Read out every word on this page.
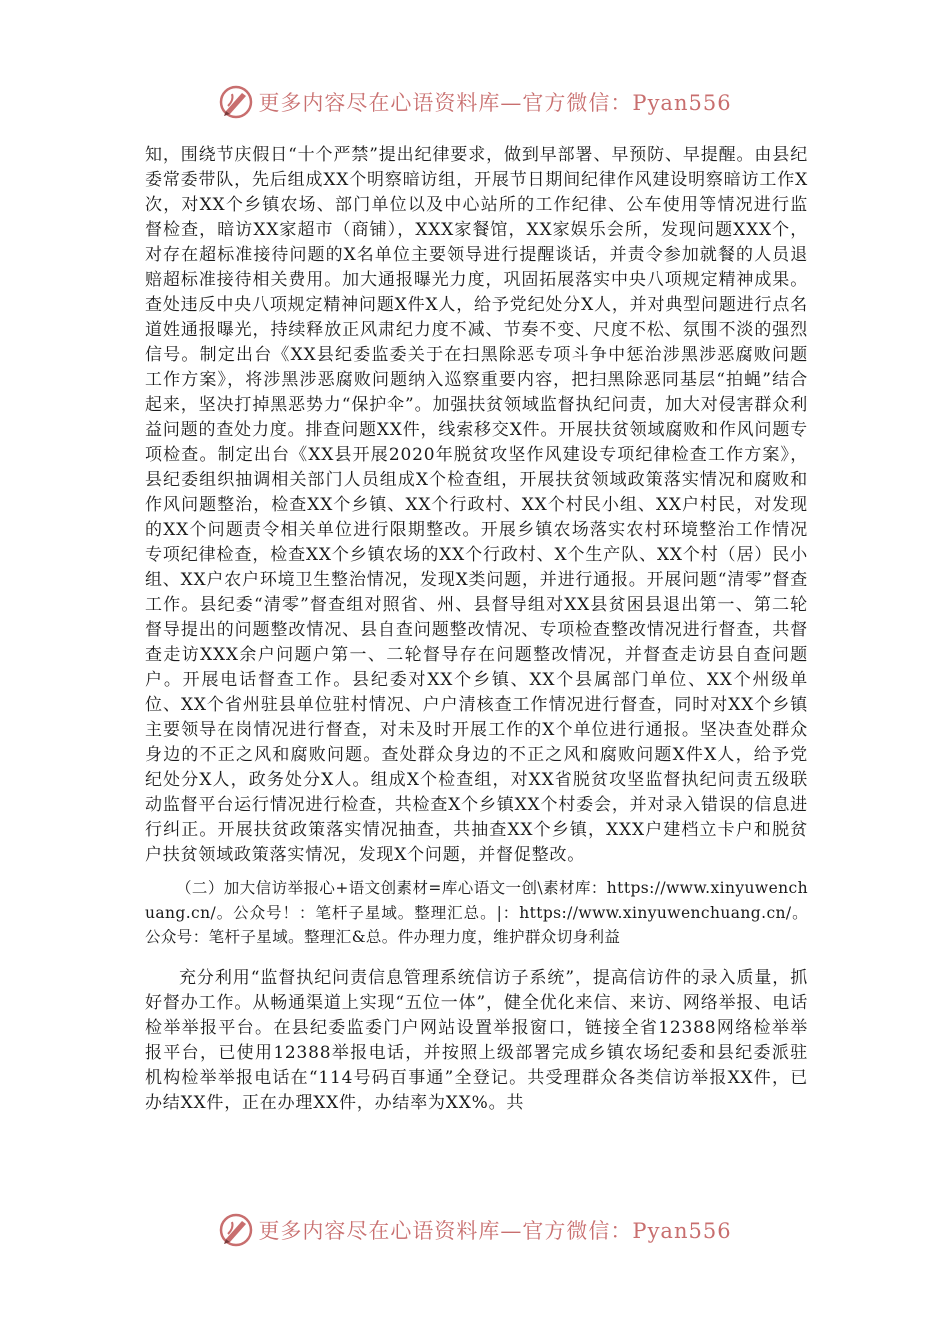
更多内容尽在心语资料库—官方微信：Pyan556

知，围绕节庆假日“十个严禁”提出纪律要求，做到早部署、早预防、早提醒。由县纪委常委带队，先后组成XX个明察暗访组，开展节日期间纪律作风建设明察暗访工作X次，对XX个乡镇农场、部门单位以及中心站所的工作纪律、公车使用等情况进行监督检查，暗访XX家超市（商铺），XXX家餐馆，XX家娱乐会所，发现问题XXX个，对存在超标准接待问题的X名单位主要领导进行提醒谈话，并责令参加就餐的人员退赔超标准接待相关费用。加大通报曝光力度，巩固拓展落实中央八项规定精神成果。查处违反中央八项规定精神问题X件X人，给予党纪处分X人，并对典型问题进行点名道姓通报曝光，持续释放正风肃纪力度不减、节奏不变、尺度不松、氛围不淡的强烈信号。制定出台《XX县纪委监委关于在扫黑除恶专项斗争中惩治涉黑涉恶腐败问题工作方案》，将涉黑涉恶腐败问题纳入巡察重要内容，把扫黑除恶同基层“拍蝇”结合起来，坚决打掉黑恶势力“保护伞”。加强扶贫领域监督执纪问责，加大对侵害群众利益问题的查处力度。排查问题XX件，线索移交X件。开展扶贫领域腐败和作风问题专项检查。制定出台《XX县开展2020年脱贫攻坚作风建设专项纪律检查工作方案》，县纪委组织抽调相关部门人员组成X个检查组，开展扶贫领域政策落实情况和腐败和作风问题整治，检查XX个乡镇、XX个行政村、XX个村民小组、XX户村民，对发现的XX个问题责令相关单位进行限期整改。开展乡镇农场落实农村环境整治工作情况专项纪律检查，检查XX个乡镇农场的XX个行政村、X个生产队、XX个村（居）民小组、XX户农户环境卫生整治情况，发现X类问题，并进行通报。开展问题“清零”督查工作。县纪委“清零”督查组对照省、州、县督导组对XX县贫困县退出第一、第二轮督导提出的问题整改情况、县自查问题整改情况、专项检查整改情况进行督查，共督查走访XXX余户问题户第一、二轮督导存在问题整改情况，并督查走访县自查问题户。开展电话督查工作。县纪委对XX个乡镇、XX个县属部门单位、XX个州级单位、XX个省州驻县单位驻村情况、户户清核查工作情况进行督查，同时对XX个乡镇主要领导在岗情况进行督查，对未及时开展工作的X个单位进行通报。坚决查处群众身边的不正之风和腐败问题。查处群众身边的不正之风和腐败问题X件X人，给予党纪处分X人，政务处分X人。组成X个检查组，对XX省脱贫攻坚监督执纪问责五级联动监督平台运行情况进行检查，共检查X个乡镇XX个村委会，并对录入错误的信息进行纠正。开展扶贫政策落实情况抽查，共抽查XX个乡镇，XXX户建档立卡户和脱贫户扶贫领域政策落实情况，发现X个问题，并督促整改。

（二）加大信访举报心+语文创素材=库心语文一创\素材库：https://www.xinyuwenchuang.cn/。公众号！：笔杆子星域。整理汇总。|：https://www.xinyuwenchuang.cn/。公众号：笔杆子星域。整理汇&总。件办理力度，维护群众切身利益

充分利用“监督执纪问责信息管理系统信访子系统”，提高信访件的录入质量，抓好督办工作。从畅通渠道上实现“五位一体”，健全优化来信、来访、网络举报、电话检举举报平台。在县纪委监委门户网站设置举报窗口，链接全省12388网络检举举报平台，已使用12388举报电话，并按照上级部署完成乡镇农场纪委和县纪委派驻机构检举举报电话在“114号码百事通”全登记。共受理群众各类信访举报XX件，已办结XX件，正在办理XX件，办结率为XX%。共

更多内容尽在心语资料库—官方微信：Pyan556
